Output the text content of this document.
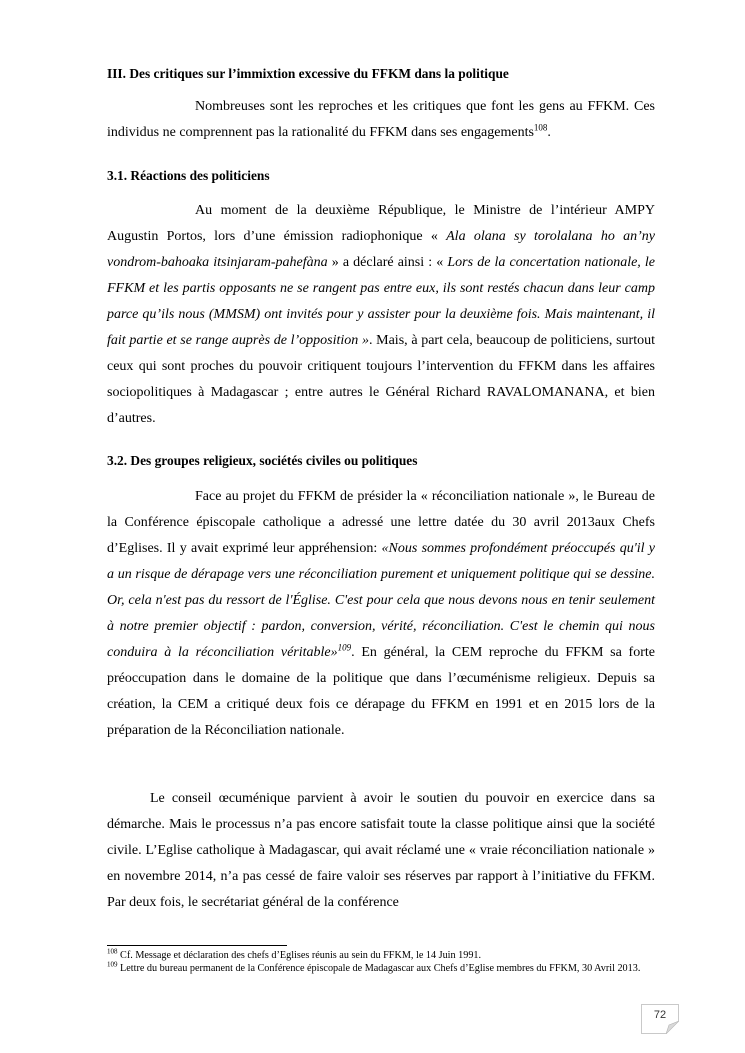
III. Des critiques sur l’immixtion excessive du FFKM dans la politique
Nombreuses sont les reproches et les critiques que font les gens au FFKM. Ces individus ne comprennent pas la rationalité du FFKM dans ses engagements$^{108}$.
3.1. Réactions des politiciens
Au moment de la deuxième République, le Ministre de l’intérieur AMPY Augustin Portos, lors d’une émission radiophonique « Ala olana sy torolalana ho an’ny vondrom-bahoaka itsinjaram-pahefàna » a déclaré ainsi : « Lors de la concertation nationale, le FFKM et les partis opposants ne se rangent pas entre eux, ils sont restés chacun dans leur camp parce qu’ils nous (MMSM) ont invités pour y assister pour la deuxième fois. Mais maintenant, il fait partie et se range auprès de l’opposition ». Mais, à part cela, beaucoup de politiciens, surtout ceux qui sont proches du pouvoir critiquent toujours l’intervention du FFKM dans les affaires sociopolitiques à Madagascar ; entre autres le Général Richard RAVALOMANANA, et bien d’autres.
3.2. Des groupes religieux, sociétés civiles ou politiques
Face au projet du FFKM de présider la « réconciliation nationale », le Bureau de la Conférence épiscopale catholique a adressé une lettre datée du 30 avril 2013aux Chefs d’Eglises. Il y avait exprimé leur appréhension: «Nous sommes profondément préoccupés qu'il y a un risque de dérapage vers une réconciliation purement et uniquement politique qui se dessine. Or, cela n'est pas du ressort de l'Église. C'est pour cela que nous devons nous en tenir seulement à notre premier objectif : pardon, conversion, vérité, réconciliation. C'est le chemin qui nous conduira à la réconciliation véritable»$^{109}$. En général, la CEM reproche du FFKM sa forte préoccupation dans le domaine de la politique que dans l’œcuménisme religieux. Depuis sa création, la CEM a critiqué deux fois ce dérapage du FFKM en 1991 et en 2015 lors de la préparation de la Réconciliation nationale.
Le conseil œcuménique parvient à avoir le soutien du pouvoir en exercice dans sa démarche. Mais le processus n’a pas encore satisfait toute la classe politique ainsi que la société civile. L’Eglise catholique à Madagascar, qui avait réclamé une « vraie réconciliation nationale » en novembre 2014, n’a pas cessé de faire valoir ses réserves par rapport à l’initiative du FFKM. Par deux fois, le secrétariat général de la conférence
$^{108}$ Cf. Message et déclaration des chefs d’Eglises réunis au sein du FFKM, le 14 Juin 1991.
$^{109}$ Lettre du bureau permanent de la Conférence épiscopale de Madagascar aux Chefs d’Eglise membres du FFKM, 30 Avril 2013.
72
